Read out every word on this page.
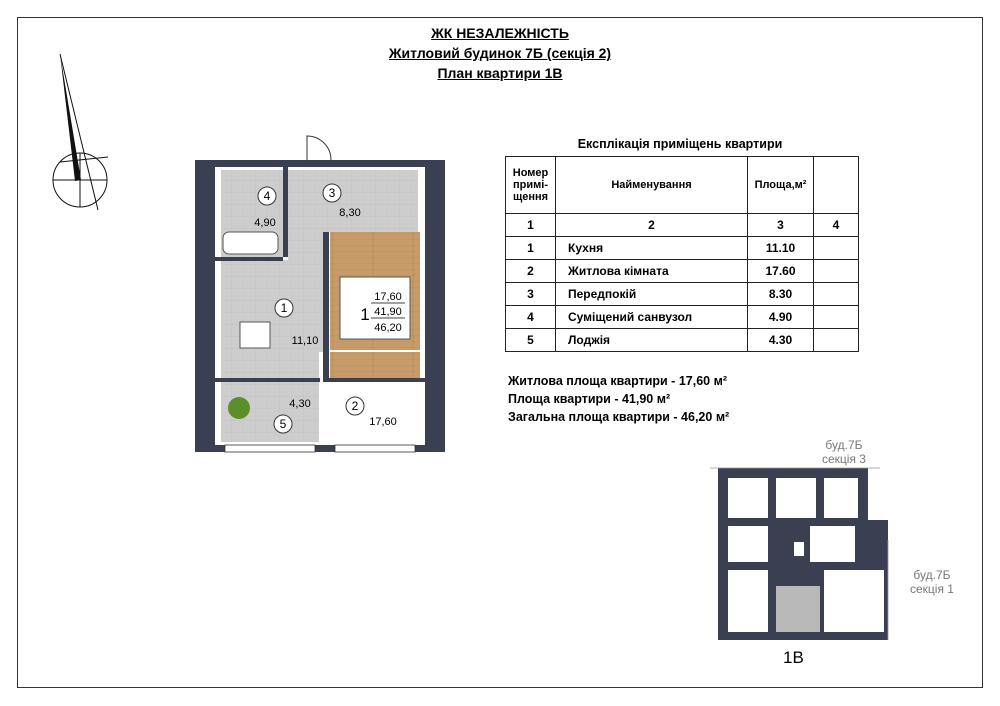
ЖК НЕЗАЛЕЖНІСТЬ
Житловий будинок 7Б (секція 2)
План квартири 1В
4
4,90
3
8,30
1
11,10
4,30
5
2
17,60
1
17,60
41,90
46,20
Експлікація приміщень квартири
Номер примі- щення	Найменування	Площа,м²	
1	2	3	4
1	Кухня	11.10	
2	Житлова кімната	17.60	
3	Передпокій	8.30	
4	Суміщений санвузол	4.90	
5	Лоджія	4.30	
Житлова площа квартири - 17,60 м²
Площа квартири - 41,90 м²
Загальна площа квартири - 46,20 м²
буд.7Б
секція 3
буд.7Б
секція 1
1В
